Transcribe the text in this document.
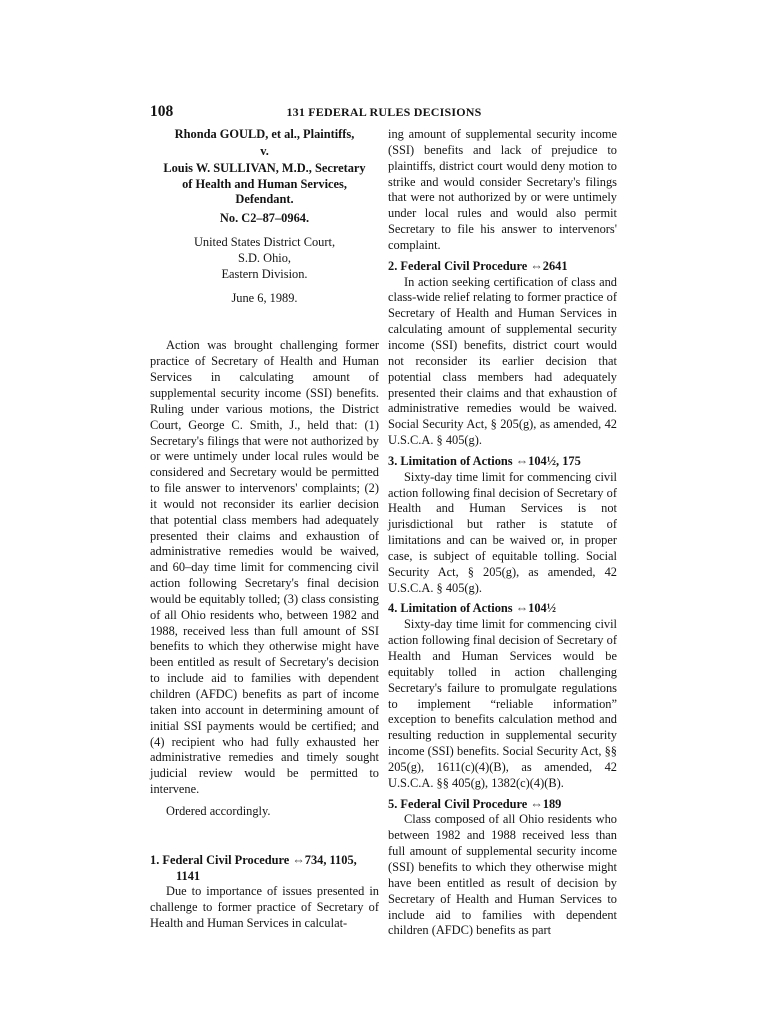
108	131 FEDERAL RULES DECISIONS
Rhonda GOULD, et al., Plaintiffs,
v.
Louis W. SULLIVAN, M.D., Secretary
of Health and Human Services,
Defendant.
No. C2–87–0964.
United States District Court,
S.D. Ohio,
Eastern Division.
June 6, 1989.
Action was brought challenging former practice of Secretary of Health and Human Services in calculating amount of supplemental security income (SSI) benefits. Ruling under various motions, the District Court, George C. Smith, J., held that: (1) Secretary's filings that were not authorized by or were untimely under local rules would be considered and Secretary would be permitted to file answer to intervenors' complaints; (2) it would not reconsider its earlier decision that potential class members had adequately presented their claims and exhaustion of administrative remedies would be waived, and 60–day time limit for commencing civil action following Secretary's final decision would be equitably tolled; (3) class consisting of all Ohio residents who, between 1982 and 1988, received less than full amount of SSI benefits to which they otherwise might have been entitled as result of Secretary's decision to include aid to families with dependent children (AFDC) benefits as part of income taken into account in determining amount of initial SSI payments would be certified; and (4) recipient who had fully exhausted her administrative remedies and timely sought judicial review would be permitted to intervene.
Ordered accordingly.
1. Federal Civil Procedure ⇔734, 1105,
1141
Due to importance of issues presented in challenge to former practice of Secretary of Health and Human Services in calculat-
ing amount of supplemental security income (SSI) benefits and lack of prejudice to plaintiffs, district court would deny motion to strike and would consider Secretary's filings that were not authorized by or were untimely under local rules and would also permit Secretary to file his answer to intervenors' complaint.
2. Federal Civil Procedure ⇔2641
In action seeking certification of class and class-wide relief relating to former practice of Secretary of Health and Human Services in calculating amount of supplemental security income (SSI) benefits, district court would not reconsider its earlier decision that potential class members had adequately presented their claims and that exhaustion of administrative remedies would be waived. Social Security Act, § 205(g), as amended, 42 U.S.C.A. § 405(g).
3. Limitation of Actions ⇔104½, 175
Sixty-day time limit for commencing civil action following final decision of Secretary of Health and Human Services is not jurisdictional but rather is statute of limitations and can be waived or, in proper case, is subject of equitable tolling. Social Security Act, § 205(g), as amended, 42 U.S.C.A. § 405(g).
4. Limitation of Actions ⇔104½
Sixty-day time limit for commencing civil action following final decision of Secretary of Health and Human Services would be equitably tolled in action challenging Secretary's failure to promulgate regulations to implement “reliable information” exception to benefits calculation method and resulting reduction in supplemental security income (SSI) benefits. Social Security Act, §§ 205(g), 1611(c)(4)(B), as amended, 42 U.S.C.A. §§ 405(g), 1382(c)(4)(B).
5. Federal Civil Procedure ⇔189
Class composed of all Ohio residents who between 1982 and 1988 received less than full amount of supplemental security income (SSI) benefits to which they otherwise might have been entitled as result of decision by Secretary of Health and Human Services to include aid to families with dependent children (AFDC) benefits as part
